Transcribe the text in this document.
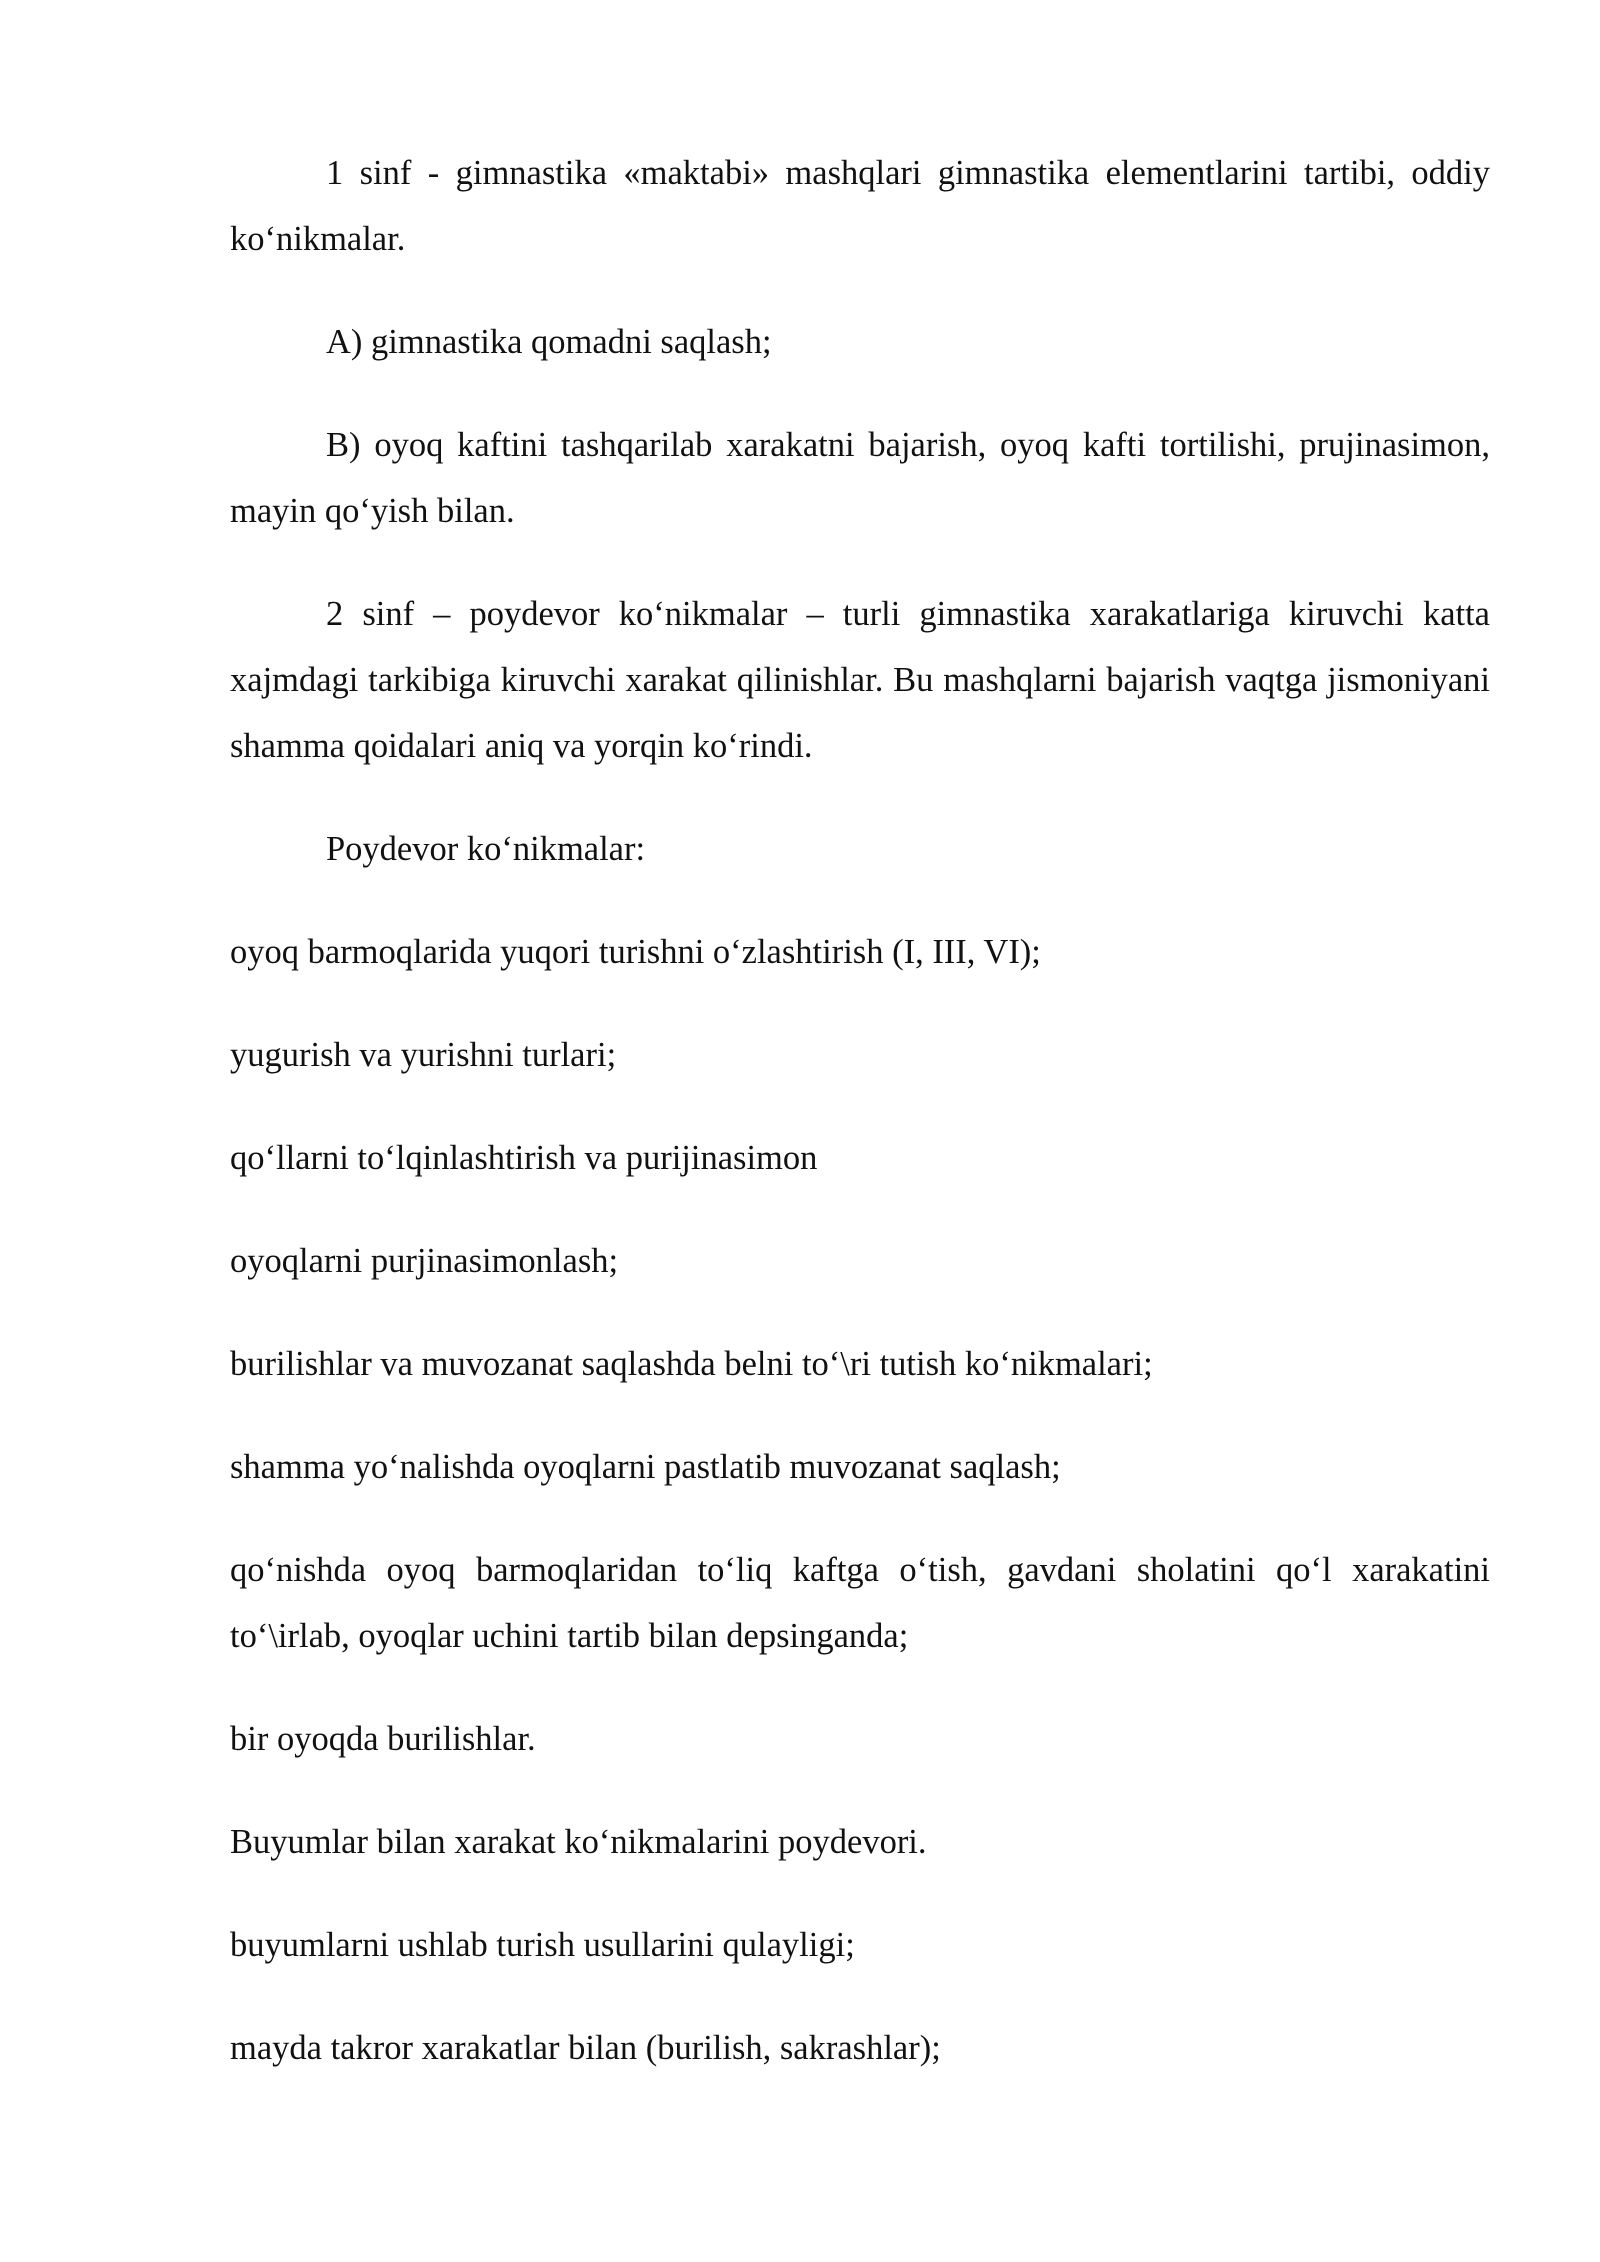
1 sinf - gimnastika «maktabi» mashqlari gimnastika elementlarini tartibi, oddiy ko‘nikmalar.

A) gimnastika qomadni saqlash;

B) oyoq kaftini tashqarilab xarakatni bajarish, oyoq kafti tortilishi, prujinasimon, mayin qo‘yish bilan.

2 sinf – poydevor ko‘nikmalar – turli gimnastika xarakatlariga kiruvchi katta xajmdagi tarkibiga kiruvchi xarakat qilinishlar. Bu mashqlarni bajarish vaqtga jismoniyani shamma qoidalari aniq va yorqin ko‘rindi.

Poydevor ko‘nikmalar:

oyoq barmoqlarida yuqori turishni o‘zlashtirish (I, III, VI);

yugurish va yurishni turlari;

qo‘llarni to‘lqinlashtirish va purijinasimon

oyoqlarni purjinasimonlash;

burilishlar va muvozanat saqlashda belni to‘\ri tutish ko‘nikmalari;

shamma yo‘nalishda oyoqlarni pastlatib muvozanat saqlash;

qo‘nishda oyoq barmoqlaridan to‘liq kaftga o‘tish, gavdani sholatini qo‘l xarakatini to‘\irlab, oyoqlar uchini tartib bilan depsinganda;

bir oyoqda burilishlar.

Buyumlar bilan xarakat ko‘nikmalarini poydevori.

buyumlarni ushlab turish usullarini qulayligi;

mayda takror xarakatlar bilan (burilish, sakrashlar);
